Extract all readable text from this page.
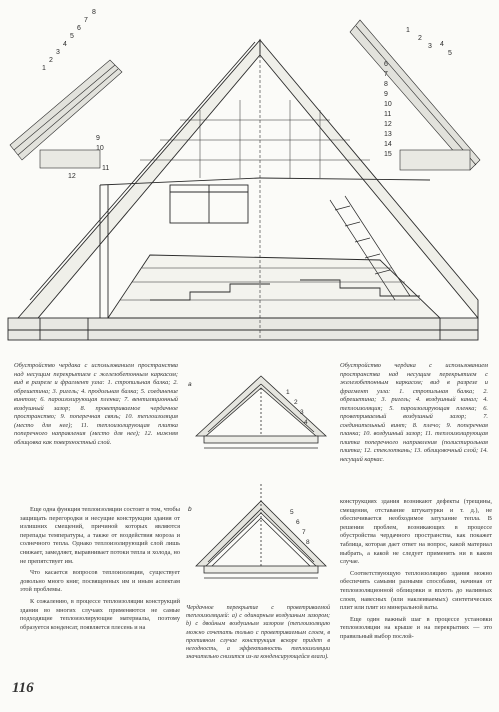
8
7
6
5
4
3
2
1
9
10
11
12
1
2
3 4
5
6
7
8
9
10
11
12
13
14
15
Обустройство чердака с использованием пространства над несущим перекрытием с железобетонным каркасом; вид в разрезе и фрагмент узла: 1. стропильная балка; 2. обрешетина; 3. ригель; 4. продольная балка; 5. соединение винтом; 6. пароизолирующая пленка; 7. вентиляционный воздушный зазор; 8. проветриваемое чердачное пространство; 9. поперечная связь; 10. теплоизоляция (место для нее); 11. теплоизолирующая плитка поперечного направления (место для нее); 12. нижняя облицовка как поверхностный слой.
Обустройство чердака с использованием пространства над несущим перекрытием с железобетонным каркасом; вид в разрезе и фрагмент узла: 1. стропильная балка; 2. обрешетина; 3. ригель; 4. воздушный канал; 4. теплоизоляция; 5. пароизолирующая пленка; 6. проветриваемый воздушный зазор; 7. соединительный винт; 8. плечо; 9. поперечная планка; 10. воздушный зазор; 11. теплоизолирующая плитка поперечного направления (полистирольная плитка; 12. стеклоткань; 13. облицовочный слой; 14. несущий каркас.
1
2
3
4
5
6
7
8
a
b
Чердачное перекрытие с проветриваемой теплоизоляцией: а) с одинарным воздушным зазором; b) с двойным воздушным зазором (теплоизоляцию можно сочетать только с проветриваемым слоем, в противном случае конструкция вскоре придет в негодность, а эффективность теплоизоляции значительно снизится из-за конденсирующейся влаги).

Еще одна функция теплоизоляции состоит в том, чтобы защищать перегородки и несущие конструкции здания от излишних смещений, причиной которых являются перепады температуры, а также от воздействия мороза и солнечного тепла. Однако теплоизолирующий слой лишь снижает, замедляет, выравнивает потоки тепла и холода, но не препятствует им.

Что касается вопросов теплоизоляции, существует довольно много книг, посвященных им и иным аспектам этой проблемы.

К сожалению, в процессе теплоизоляции конструкций здания во многих случаях применяются не самые подходящие теплоизолирующие материалы, поэтому образуется конденсат, появляется плесень и на

конструкциях здания возникают дефекты (трещины, смещения, отставание штукатурки и т. д.), не обеспечивается необходимое затухание тепла. В решении проблем, возникающих в процессе обустройства чердачного пространства, как покажет таблица, которая дает ответ на вопрос, какой материал выбрать, а какой не следует применять ни в каком случае.

Соответствующую теплоизоляцию здания можно обеспечить самыми разными способами, начиная от теплоизоляционной облицовки и вплоть до наливных слоев, навесных (или наклеиваемых) синтетических плит или плит из минеральной ваты.

Еще один важный шаг в процессе установки теплоизоляции на крыше и на перекрытиях — это правильный выбор послой-

116
